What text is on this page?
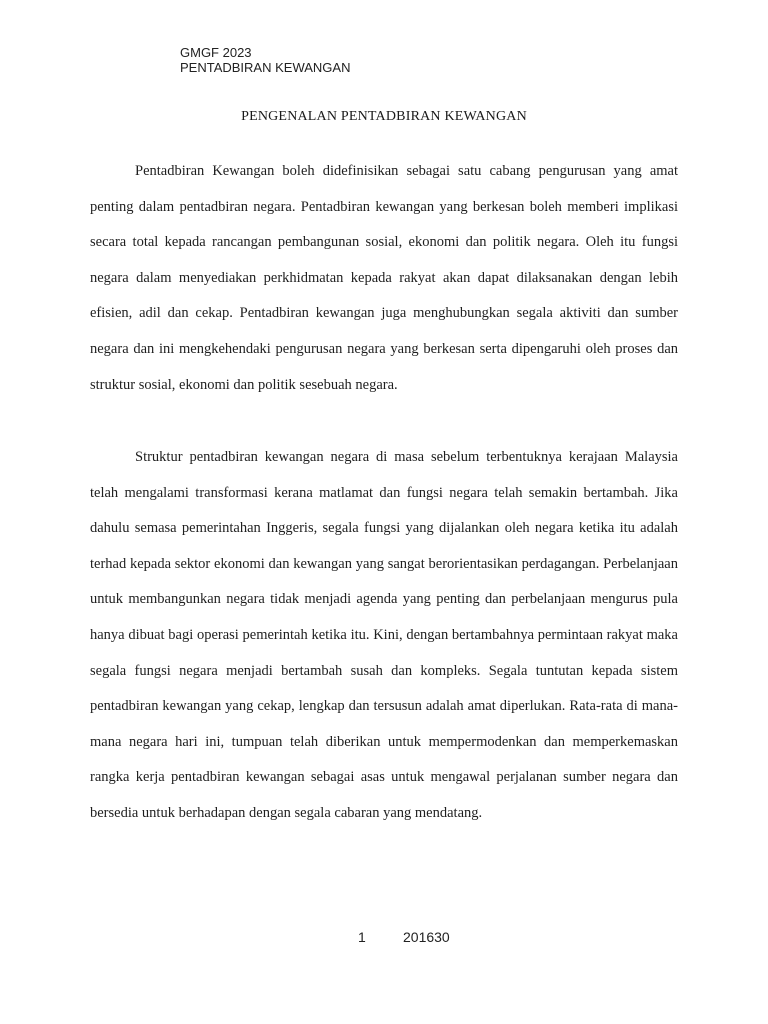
GMGF 2023
PENTADBIRAN KEWANGAN
PENGENALAN PENTADBIRAN KEWANGAN

Pentadbiran Kewangan boleh didefinisikan sebagai satu cabang pengurusan yang amat penting dalam pentadbiran negara. Pentadbiran kewangan yang berkesan boleh memberi implikasi secara total kepada rancangan pembangunan sosial, ekonomi dan politik negara. Oleh itu fungsi negara dalam menyediakan perkhidmatan kepada rakyat akan dapat dilaksanakan dengan lebih efisien, adil dan cekap. Pentadbiran kewangan juga menghubungkan segala aktiviti dan sumber negara dan ini mengkehendaki pengurusan negara yang berkesan serta dipengaruhi oleh proses dan struktur sosial, ekonomi dan politik sesebuah negara.

Struktur pentadbiran kewangan negara di masa sebelum terbentuknya kerajaan Malaysia telah mengalami transformasi kerana matlamat dan fungsi negara telah semakin bertambah. Jika dahulu semasa pemerintahan Inggeris, segala fungsi yang dijalankan oleh negara ketika itu adalah terhad kepada sektor ekonomi dan kewangan yang sangat berorientasikan perdagangan. Perbelanjaan untuk membangunkan negara tidak menjadi agenda yang penting dan perbelanjaan mengurus pula hanya dibuat bagi operasi pemerintah ketika itu. Kini, dengan bertambahnya permintaan rakyat maka segala fungsi negara menjadi bertambah susah dan kompleks. Segala tuntutan kepada sistem pentadbiran kewangan yang cekap, lengkap dan tersusun adalah amat diperlukan. Rata-rata di mana-mana negara hari ini, tumpuan telah diberikan untuk mempermodenkan dan memperkemaskan rangka kerja pentadbiran kewangan sebagai asas untuk mengawal perjalanan sumber negara dan bersedia untuk berhadapan dengan segala cabaran yang mendatang.

1	201630
